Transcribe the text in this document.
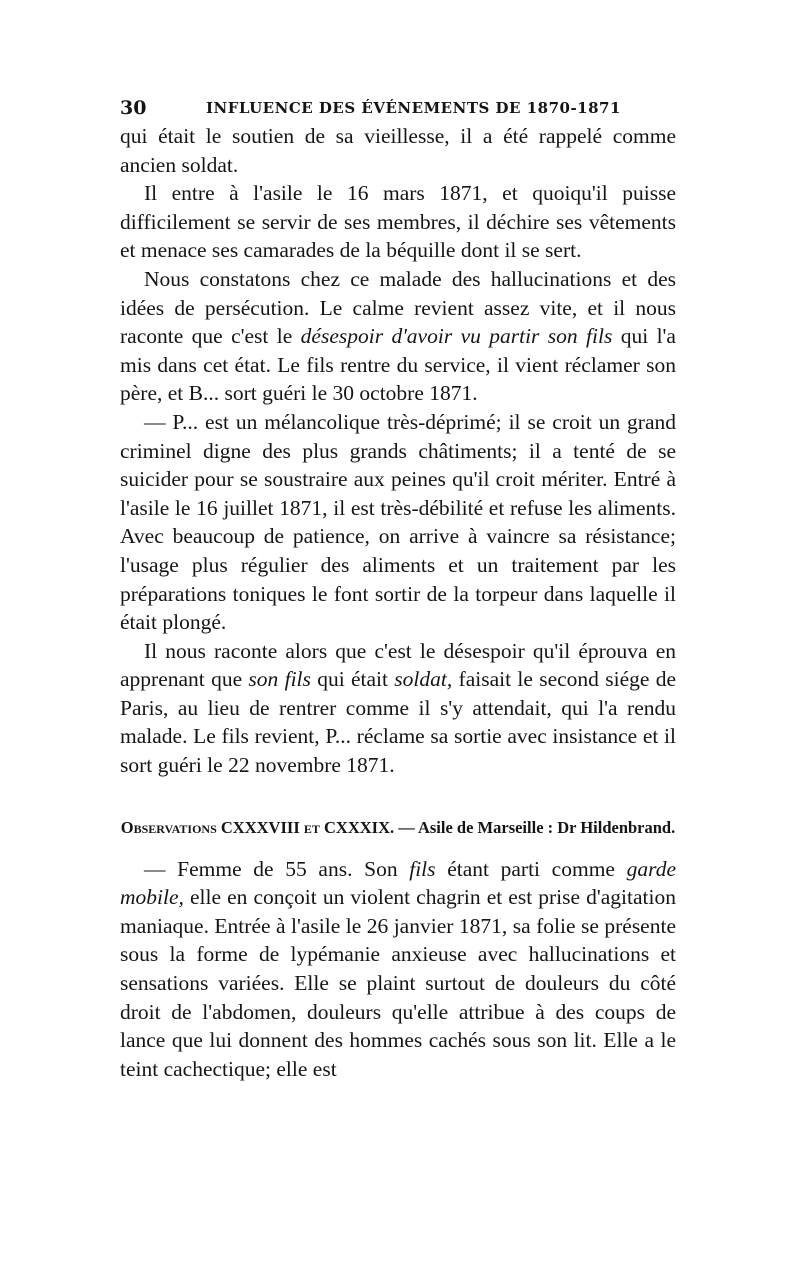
30	INFLUENCE DES ÉVÉNEMENTS DE 1870-1871

qui était le soutien de sa vieillesse, il a été rappelé comme ancien soldat.

Il entre à l'asile le 16 mars 1871, et quoiqu'il puisse difficilement se servir de ses membres, il déchire ses vêtements et menace ses camarades de la béquille dont il se sert.

Nous constatons chez ce malade des hallucinations et des idées de persécution. Le calme revient assez vite, et il nous raconte que c'est le désespoir d'avoir vu partir son fils qui l'a mis dans cet état. Le fils rentre du service, il vient réclamer son père, et B... sort guéri le 30 octobre 1871.

— P... est un mélancolique très-déprimé; il se croit un grand criminel digne des plus grands châtiments; il a tenté de se suicider pour se soustraire aux peines qu'il croit mériter. Entré à l'asile le 16 juillet 1871, il est très-débilité et refuse les aliments. Avec beaucoup de patience, on arrive à vaincre sa résistance; l'usage plus régulier des aliments et un traitement par les préparations toniques le font sortir de la torpeur dans laquelle il était plongé.

Il nous raconte alors que c'est le désespoir qu'il éprouva en apprenant que son fils qui était soldat, faisait le second siége de Paris, au lieu de rentrer comme il s'y attendait, qui l'a rendu malade. Le fils revient, P... réclame sa sortie avec insistance et il sort guéri le 22 novembre 1871.

Observations CXXXVIII et CXXXIX. — Asile de Marseille : Dr Hildenbrand.

— Femme de 55 ans. Son fils étant parti comme garde mobile, elle en conçoit un violent chagrin et est prise d'agitation maniaque. Entrée à l'asile le 26 janvier 1871, sa folie se présente sous la forme de lypémanie anxieuse avec hallucinations et sensations variées. Elle se plaint surtout de douleurs du côté droit de l'abdomen, douleurs qu'elle attribue à des coups de lance que lui donnent des hommes cachés sous son lit. Elle a le teint cachectique; elle est
